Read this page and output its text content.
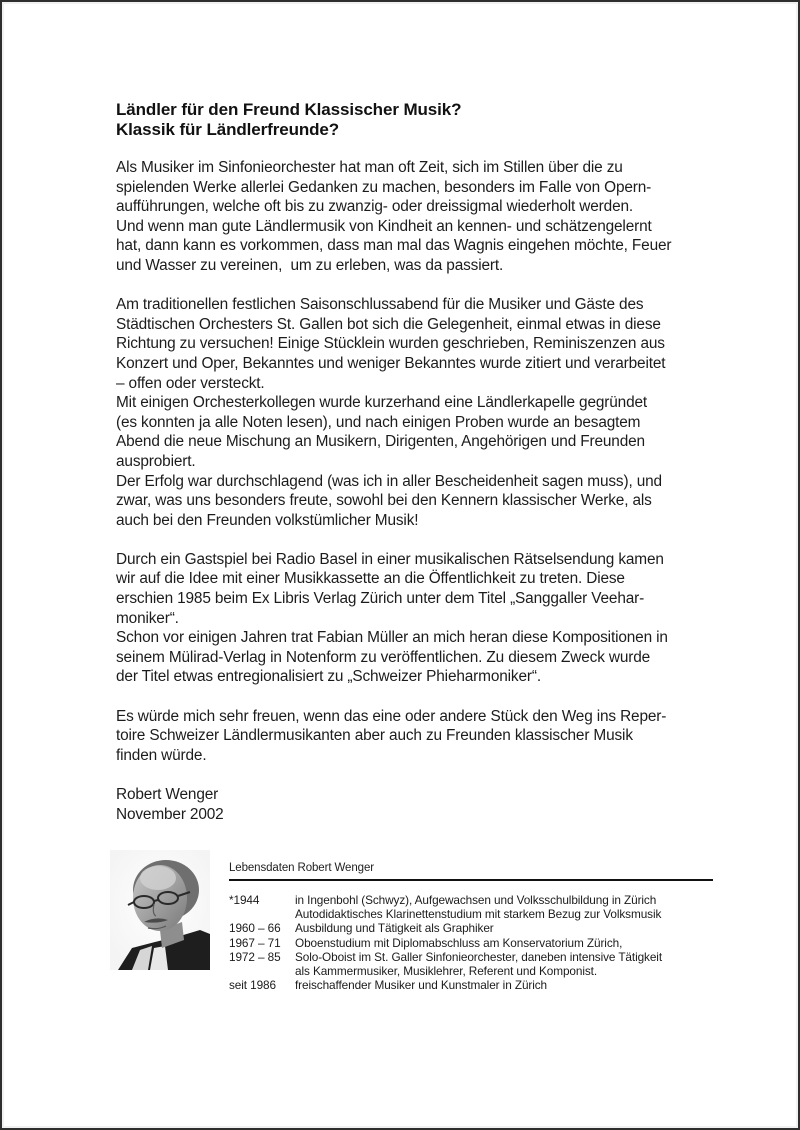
Ländler für den Freund Klassischer Musik?
Klassik für Ländlerfreunde?

Als Musiker im Sinfonieorchester hat man oft Zeit, sich im Stillen über die zu
spielenden Werke allerlei Gedanken zu machen, besonders im Falle von Opern-
aufführungen, welche oft bis zu zwanzig- oder dreissigmal wiederholt werden.
Und wenn man gute Ländlermusik von Kindheit an kennen- und schätzengelernt
hat, dann kann es vorkommen, dass man mal das Wagnis eingehen möchte, Feuer
und Wasser zu vereinen,  um zu erleben, was da passiert.

Am traditionellen festlichen Saisonschlussabend für die Musiker und Gäste des
Städtischen Orchesters St. Gallen bot sich die Gelegenheit, einmal etwas in diese
Richtung zu versuchen! Einige Stücklein wurden geschrieben, Reminiszenzen aus
Konzert und Oper, Bekanntes und weniger Bekanntes wurde zitiert und verarbeitet
– offen oder versteckt.
Mit einigen Orchesterkollegen wurde kurzerhand eine Ländlerkapelle gegründet
(es konnten ja alle Noten lesen), und nach einigen Proben wurde an besagtem
Abend die neue Mischung an Musikern, Dirigenten, Angehörigen und Freunden
ausprobiert.
Der Erfolg war durchschlagend (was ich in aller Bescheidenheit sagen muss), und
zwar, was uns besonders freute, sowohl bei den Kennern klassischer Werke, als
auch bei den Freunden volkstümlicher Musik!

Durch ein Gastspiel bei Radio Basel in einer musikalischen Rätselsendung kamen
wir auf die Idee mit einer Musikkassette an die Öffentlichkeit zu treten. Diese
erschien 1985 beim Ex Libris Verlag Zürich unter dem Titel „Sanggaller Veehar-
moniker“.
Schon vor einigen Jahren trat Fabian Müller an mich heran diese Kompositionen in
seinem Mülirad-Verlag in Notenform zu veröffentlichen. Zu diesem Zweck wurde
der Titel etwas entregionalisiert zu „Schweizer Phieharmoniker“.

Es würde mich sehr freuen, wenn das eine oder andere Stück den Weg ins Reper-
toire Schweizer Ländlermusikanten aber auch zu Freunden klassischer Musik
finden würde.

Robert Wenger
November 2002

Lebensdaten Robert Wenger
*1944	in Ingenbohl (Schwyz), Aufgewachsen und Volksschulbildung in Zürich
Autodidaktisches Klarinettenstudium mit starkem Bezug zur Volksmusik
1960 – 66	Ausbildung und Tätigkeit als Graphiker
1967 – 71	Oboenstudium mit Diplomabschluss am Konservatorium Zürich,
1972 – 85	Solo-Oboist im St. Galler Sinfonieorchester, daneben intensive Tätigkeit
als Kammermusiker, Musiklehrer, Referent und Komponist.
seit 1986	freischaffender Musiker und Kunstmaler in Zürich
